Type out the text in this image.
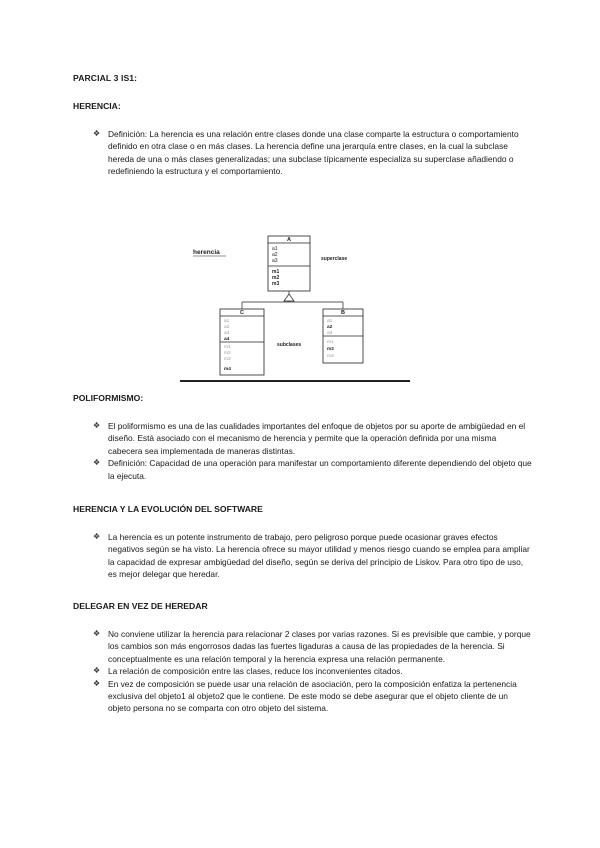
PARCIAL 3 IS1:
HERENCIA:
❖ Definición: La herencia es una relación entre clases donde una clase comparte la estructura o comportamiento definido en otra clase o en más clases. La herencia define una jerarquía entre clases, en la cual la subclase hereda de una o más clases generalizadas; una subclase típicamente especializa su superclase añadiendo o redefiniendo la estructura y el comportamiento.
herencia
A
a1
a2
a3
m1
m2
m3
superclase
C
a1
a2
a3
a4
m1
m2
m3
m4
subclases
B
a1
a2
a3
m1
m2
m3
POLIFORMISMO:
❖ El poliformismo es una de las cualidades importantes del enfoque de objetos por su aporte de ambigüedad en el diseño. Está asociado con el mecanismo de herencia y permite que la operación definida por una misma cabecera sea implementada de maneras distintas.
❖ Definición: Capacidad de una operación para manifestar un comportamiento diferente dependiendo del objeto que la ejecuta.
HERENCIA Y LA EVOLUCIÓN DEL SOFTWARE
❖ La herencia es un potente instrumento de trabajo, pero peligroso porque puede ocasionar graves efectos negativos según se ha visto. La herencia ofrece su mayor utilidad y menos riesgo cuando se emplea para ampliar la capacidad de expresar ambigüedad del diseño, según se deriva del principio de Liskov. Para otro tipo de uso, es mejor delegar que heredar.
DELEGAR EN VEZ DE HEREDAR
❖ No conviene utilizar la herencia para relacionar 2 clases por varias razones. Si es previsible que cambie, y porque los cambios son más engorrosos dadas las fuertes ligaduras a causa de las propiedades de la herencia. Si conceptualmente es una relación temporal y la herencia expresa una relación permanente.
❖ La relación de composición entre las clases, reduce los inconvenientes citados.
❖ En vez de composición se puede usar una relación de asociación, pero la composición enfatiza la pertenencia exclusiva del objeto1 al objeto2 que le contiene. De este modo se debe asegurar que el objeto cliente de un objeto persona no se comparta con otro objeto del sistema.
